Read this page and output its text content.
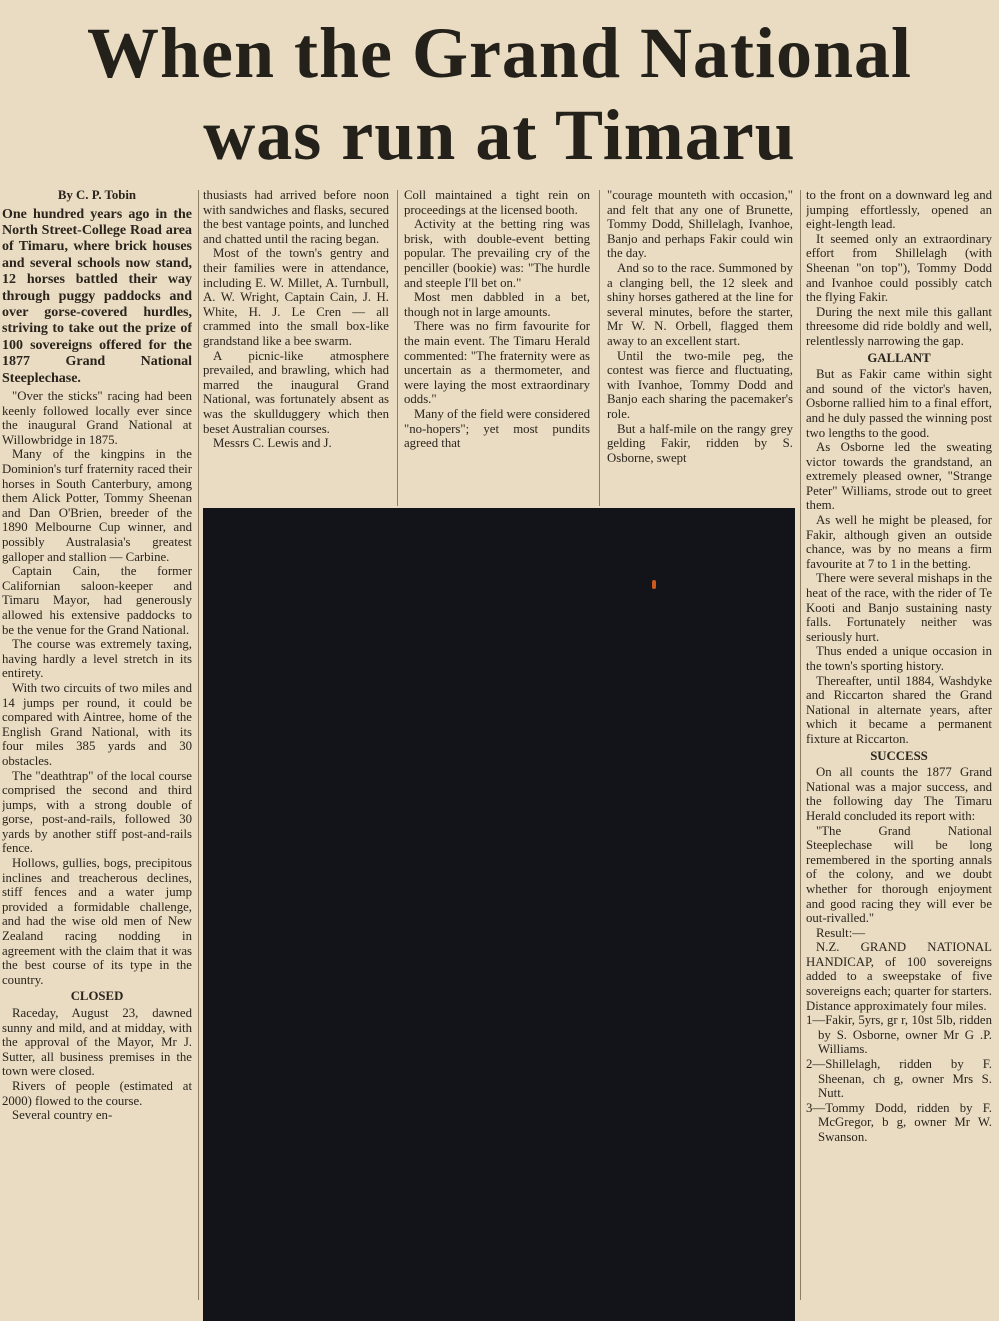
When the Grand National
was run at Timaru

By C. P. Tobin

One hundred years ago in the North Street-College Road area of Timaru, where brick houses and several schools now stand, 12 horses battled their way through puggy paddocks and over gorse-covered hurdles, striving to take out the prize of 100 sovereigns offered for the 1877 Grand National Steeplechase.

"Over the sticks" racing had been keenly followed locally ever since the inaugural Grand National at Willowbridge in 1875.

Many of the kingpins in the Dominion's turf fraternity raced their horses in South Canterbury, among them Alick Potter, Tommy Sheenan and Dan O'Brien, breeder of the 1890 Melbourne Cup winner, and possibly Australasia's greatest galloper and stallion — Carbine.

Captain Cain, the former Californian saloon-keeper and Timaru Mayor, had generously allowed his extensive paddocks to be the venue for the Grand National.

The course was extremely taxing, having hardly a level stretch in its entirety.

With two circuits of two miles and 14 jumps per round, it could be compared with Aintree, home of the English Grand National, with its four miles 385 yards and 30 obstacles.

The "deathtrap" of the local course comprised the second and third jumps, with a strong double of gorse, post-and-rails, followed 30 yards by another stiff post-and-rails fence.

Hollows, gullies, bogs, precipitous inclines and treacherous declines, stiff fences and a water jump provided a formidable challenge, and had the wise old men of New Zealand racing nodding in agreement with the claim that it was the best course of its type in the country.

CLOSED

Raceday, August 23, dawned sunny and mild, and at midday, with the approval of the Mayor, Mr J. Sutter, all business premises in the town were closed.

Rivers of people (estimated at 2000) flowed to the course.

Several country en-

thusiasts had arrived before noon with sandwiches and flasks, secured the best vantage points, and lunched and chatted until the racing began.

Most of the town's gentry and their families were in attendance, including E. W. Millet, A. Turnbull, A. W. Wright, Captain Cain, J. H. White, H. J. Le Cren — all crammed into the small box-like grandstand like a bee swarm.

A picnic-like atmosphere prevailed, and brawling, which had marred the inaugural Grand National, was fortunately absent as was the skullduggery which then beset Australian courses.

Messrs C. Lewis and J.

Coll maintained a tight rein on proceedings at the licensed booth.

Activity at the betting ring was brisk, with double-event betting popular. The prevailing cry of the penciller (bookie) was: "The hurdle and steeple I'll bet on."

Most men dabbled in a bet, though not in large amounts.

There was no firm favourite for the main event. The Timaru Herald commented: "The fraternity were as uncertain as a thermometer, and were laying the most extraordinary odds."

Many of the field were considered "no-hopers"; yet most pundits agreed that

"courage mounteth with occasion," and felt that any one of Brunette, Tommy Dodd, Shillelagh, Ivanhoe, Banjo and perhaps Fakir could win the day.

And so to the race. Summoned by a clanging bell, the 12 sleek and shiny horses gathered at the line for several minutes, before the starter, Mr W. N. Orbell, flagged them away to an excellent start.

Until the two-mile peg, the contest was fierce and fluctuating, with Ivanhoe, Tommy Dodd and Banjo each sharing the pacemaker's role.

But a half-mile on the rangy grey gelding Fakir, ridden by S. Osborne, swept

to the front on a downward leg and jumping effortlessly, opened an eight-length lead.

It seemed only an extraordinary effort from Shillelagh (with Sheenan "on top"), Tommy Dodd and Ivanhoe could possibly catch the flying Fakir.

During the next mile this gallant threesome did ride boldly and well, relentlessly narrowing the gap.

GALLANT

But as Fakir came within sight and sound of the victor's haven, Osborne rallied him to a final effort, and he duly passed the winning post two lengths to the good.

As Osborne led the sweating victor towards the grandstand, an extremely pleased owner, "Strange Peter" Williams, strode out to greet them.

As well he might be pleased, for Fakir, although given an outside chance, was by no means a firm favourite at 7 to 1 in the betting.

There were several mishaps in the heat of the race, with the rider of Te Kooti and Banjo sustaining nasty falls. Fortunately neither was seriously hurt.

Thus ended a unique occasion in the town's sporting history.

Thereafter, until 1884, Washdyke and Riccarton shared the Grand National in alternate years, after which it became a permanent fixture at Riccarton.

SUCCESS

On all counts the 1877 Grand National was a major success, and the following day The Timaru Herald concluded its report with:

"The Grand National Steeplechase will be long remembered in the sporting annals of the colony, and we doubt whether for thorough enjoyment and good racing they will ever be out-rivalled."

Result:—

N.Z. GRAND NATIONAL HANDICAP, of 100 sovereigns added to a sweepstake of five sovereigns each; quarter for starters. Distance approximately four miles.

1—Fakir, 5yrs, gr r, 10st 5lb, ridden by S. Osborne, owner Mr G .P. Williams.

2—Shillelagh, ridden by F. Sheenan, ch g, owner Mrs S. Nutt.

3—Tommy Dodd, ridden by F. McGregor, b g, owner Mr W. Swanson.
